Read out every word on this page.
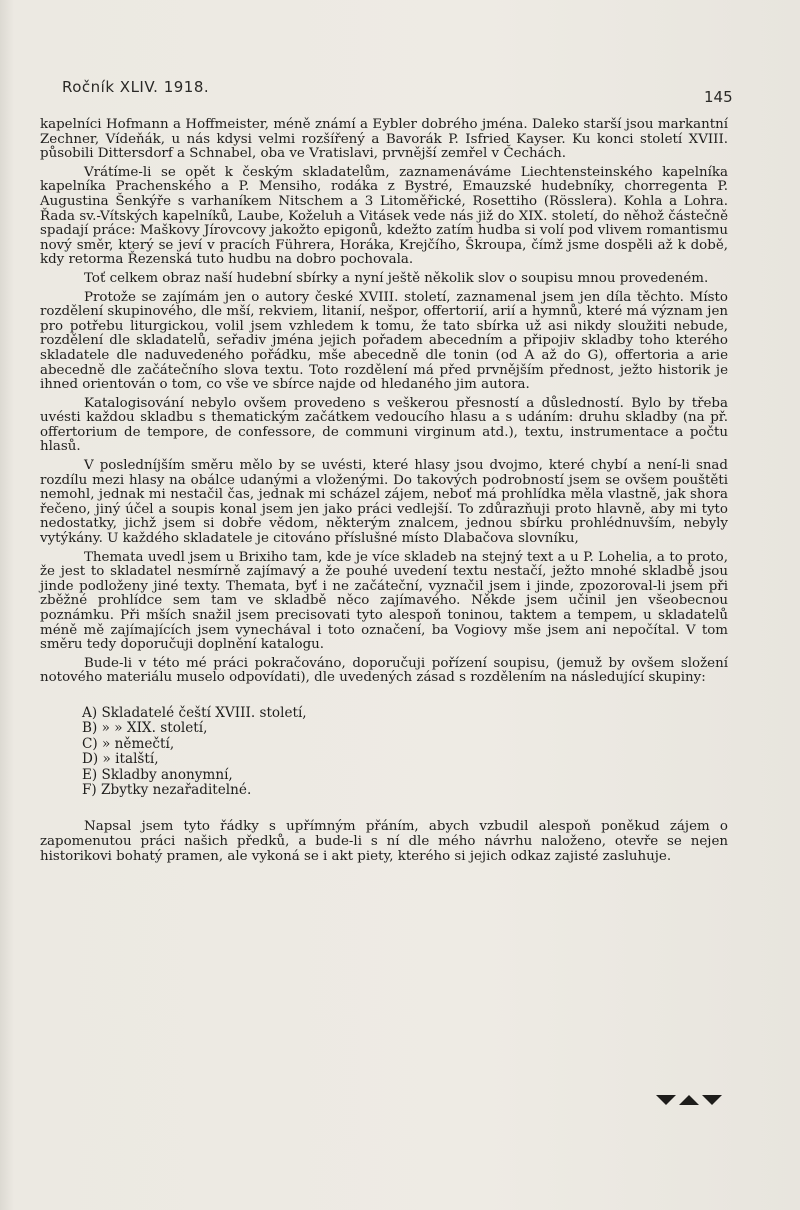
Ročník XLIV. 1918.
145

kapelníci Hofmann a Hoffmeister, méně známí a Eybler dobrého jména. Daleko starší jsou markantní Zechner, Vídeňák, u nás kdysi velmi rozšířený a Bavorák P. Isfried Kayser. Ku konci století XVIII. působili Dittersdorf a Schnabel, oba ve Vratislavi, prvnější zemřel v Čechách.

Vrátíme-li se opět k českým skladatelům, zaznamenáváme Liechtensteinského kapelníka kapelníka Prachenského a P. Mensiho, rodáka z Bystré, Emauzské hudebníky, chorregenta P. Augustina Šenkýře s varhaníkem Nitschem a 3 Litoměřické, Rosettiho (Rösslera). Kohla a Lohra. Řada sv.-Vítských kapelníků, Laube, Koželuh a Vitásek vede nás již do XIX. století, do něhož částečně spadají práce: Maškovy Jírovcovy jakožto epigonů, kdežto zatím hudba si volí pod vlivem romantismu nový směr, který se jeví v pracích Führera, Horáka, Krejčího, Škroupa, čímž jsme dospěli až k době, kdy retorma Řezenská tuto hudbu na dobro pochovala.

Toť celkem obraz naší hudební sbírky a nyní ještě několik slov o soupisu mnou provedeném.

Protože se zajímám jen o autory české XVIII. století, zaznamenal jsem jen díla těchto. Místo rozdělení skupinového, dle mší, rekviem, litanií, nešpor, offertorií, arií a hymnů, které má význam jen pro potřebu liturgickou, volil jsem vzhledem k tomu, že tato sbírka už asi nikdy sloužiti nebude, rozdělení dle skladatelů, seřadiv jména jejich pořadem abecedním a připojiv skladby toho kterého skladatele dle naduvedeného pořádku, mše abecedně dle tonin (od A až do G), offertoria a arie abecedně dle začátečního slova textu. Toto rozdělení má před prvnějším přednost, ježto historik je ihned orientován o tom, co vše ve sbírce najde od hledaného jim autora.

Katalogisování nebylo ovšem provedeno s veškerou přesností a důsledností. Bylo by třeba uvésti každou skladbu s thematickým začátkem vedoucího hlasu a s udáním: druhu skladby (na př. offertorium de tempore, de confessore, de communi virginum atd.), textu, instrumentace a počtu hlasů.

V posledníjším směru mělo by se uvésti, které hlasy jsou dvojmo, které chybí a není-li snad rozdílu mezi hlasy na obálce udanými a vloženými. Do takových podrobností jsem se ovšem pouštěti nemohl, jednak mi nestačil čas, jednak mi scházel zájem, neboť má prohlídka měla vlastně, jak shora řečeno, jiný účel a soupis konal jsem jen jako práci vedlejší. To zdůrazňuji proto hlavně, aby mi tyto nedostatky, jichž jsem si dobře vědom, některým znalcem, jednou sbírku prohlédnuvším, nebyly vytýkány. U každého skladatele je citováno příslušné místo Dlabačova slovníku,

Themata uvedl jsem u Brixiho tam, kde je více skladeb na stejný text a u P. Lohelia, a to proto, že jest to skladatel nesmírně zajímavý a že pouhé uvedení textu nestačí, ježto mnohé skladbě jsou jinde podloženy jiné texty. Themata, byť i ne začáteční, vyznačil jsem i jinde, zpozoroval-li jsem při zběžné prohlídce sem tam ve skladbě něco zajímavého. Někde jsem učinil jen všeobecnou poznámku. Při mších snažil jsem precisovati tyto alespoň toninou, taktem a tempem, u skladatelů méně mě zajímajících jsem vynechával i toto označení, ba Vogiovy mše jsem ani nepočítal. V tom směru tedy doporučuji doplnění katalogu.

Bude-li v této mé práci pokračováno, doporučuji pořízení soupisu, (jemuž by ovšem složení notového materiálu muselo odpovídati), dle uvedených zásad s rozdělením na následující skupiny:

A) Skladatelé čeští XVIII. století,
B) » » XIX. století,
C) » němečtí,
D) » italští,
E) Skladby anonymní,
F) Zbytky nezařaditelné.

Napsal jsem tyto řádky s upřímným přáním, abych vzbudil alespoň poněkud zájem o zapomenutou práci našich předků, a bude-li s ní dle mého návrhu naloženo, otevře se nejen historikovi bohatý pramen, ale vykoná se i akt piety, kterého si jejich odkaz zajisté zasluhuje.
